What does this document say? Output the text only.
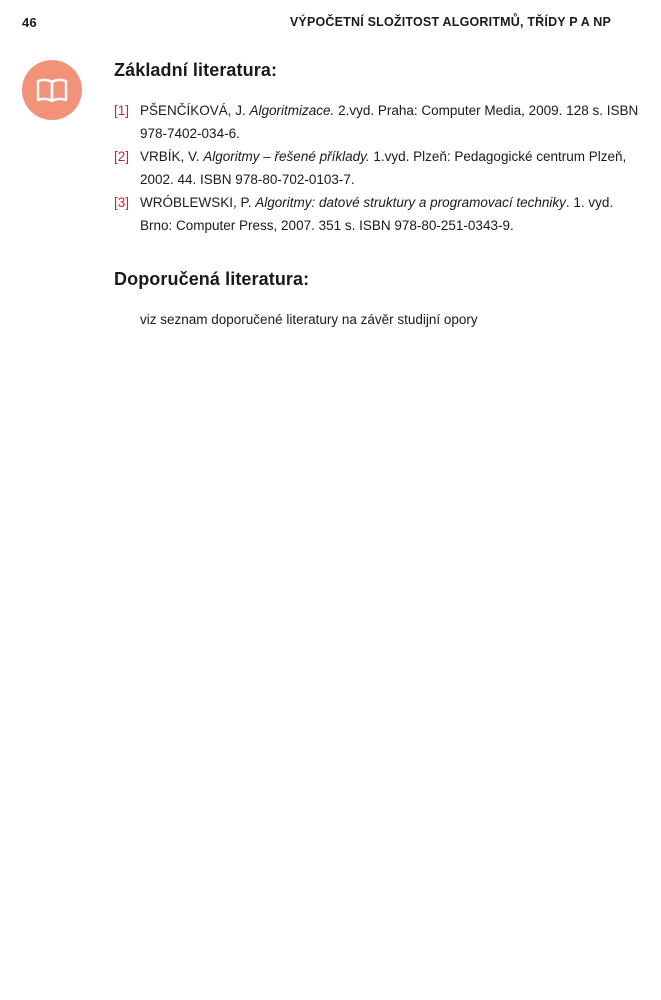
46	VÝPOČETNÍ SLOŽITOST ALGORITMŮ, TŘÍDY P A NP
Základní literatura:
[1] PŠENČÍKOVÁ, J. Algoritmizace. 2.vyd. Praha: Computer Media, 2009. 128 s. ISBN 978-7402-034-6.
[2] VRBÍK, V. Algoritmy – řešené příklady. 1.vyd. Plzeň: Pedagogické centrum Plzeň, 2002. 44. ISBN 978-80-702-0103-7.
[3] WRÓBLEWSKI, P. Algoritmy: datové struktury a programovací techniky. 1. vyd. Brno: Computer Press, 2007. 351 s. ISBN 978-80-251-0343-9.
Doporučená literatura:

viz seznam doporučené literatury na závěr studijní opory
